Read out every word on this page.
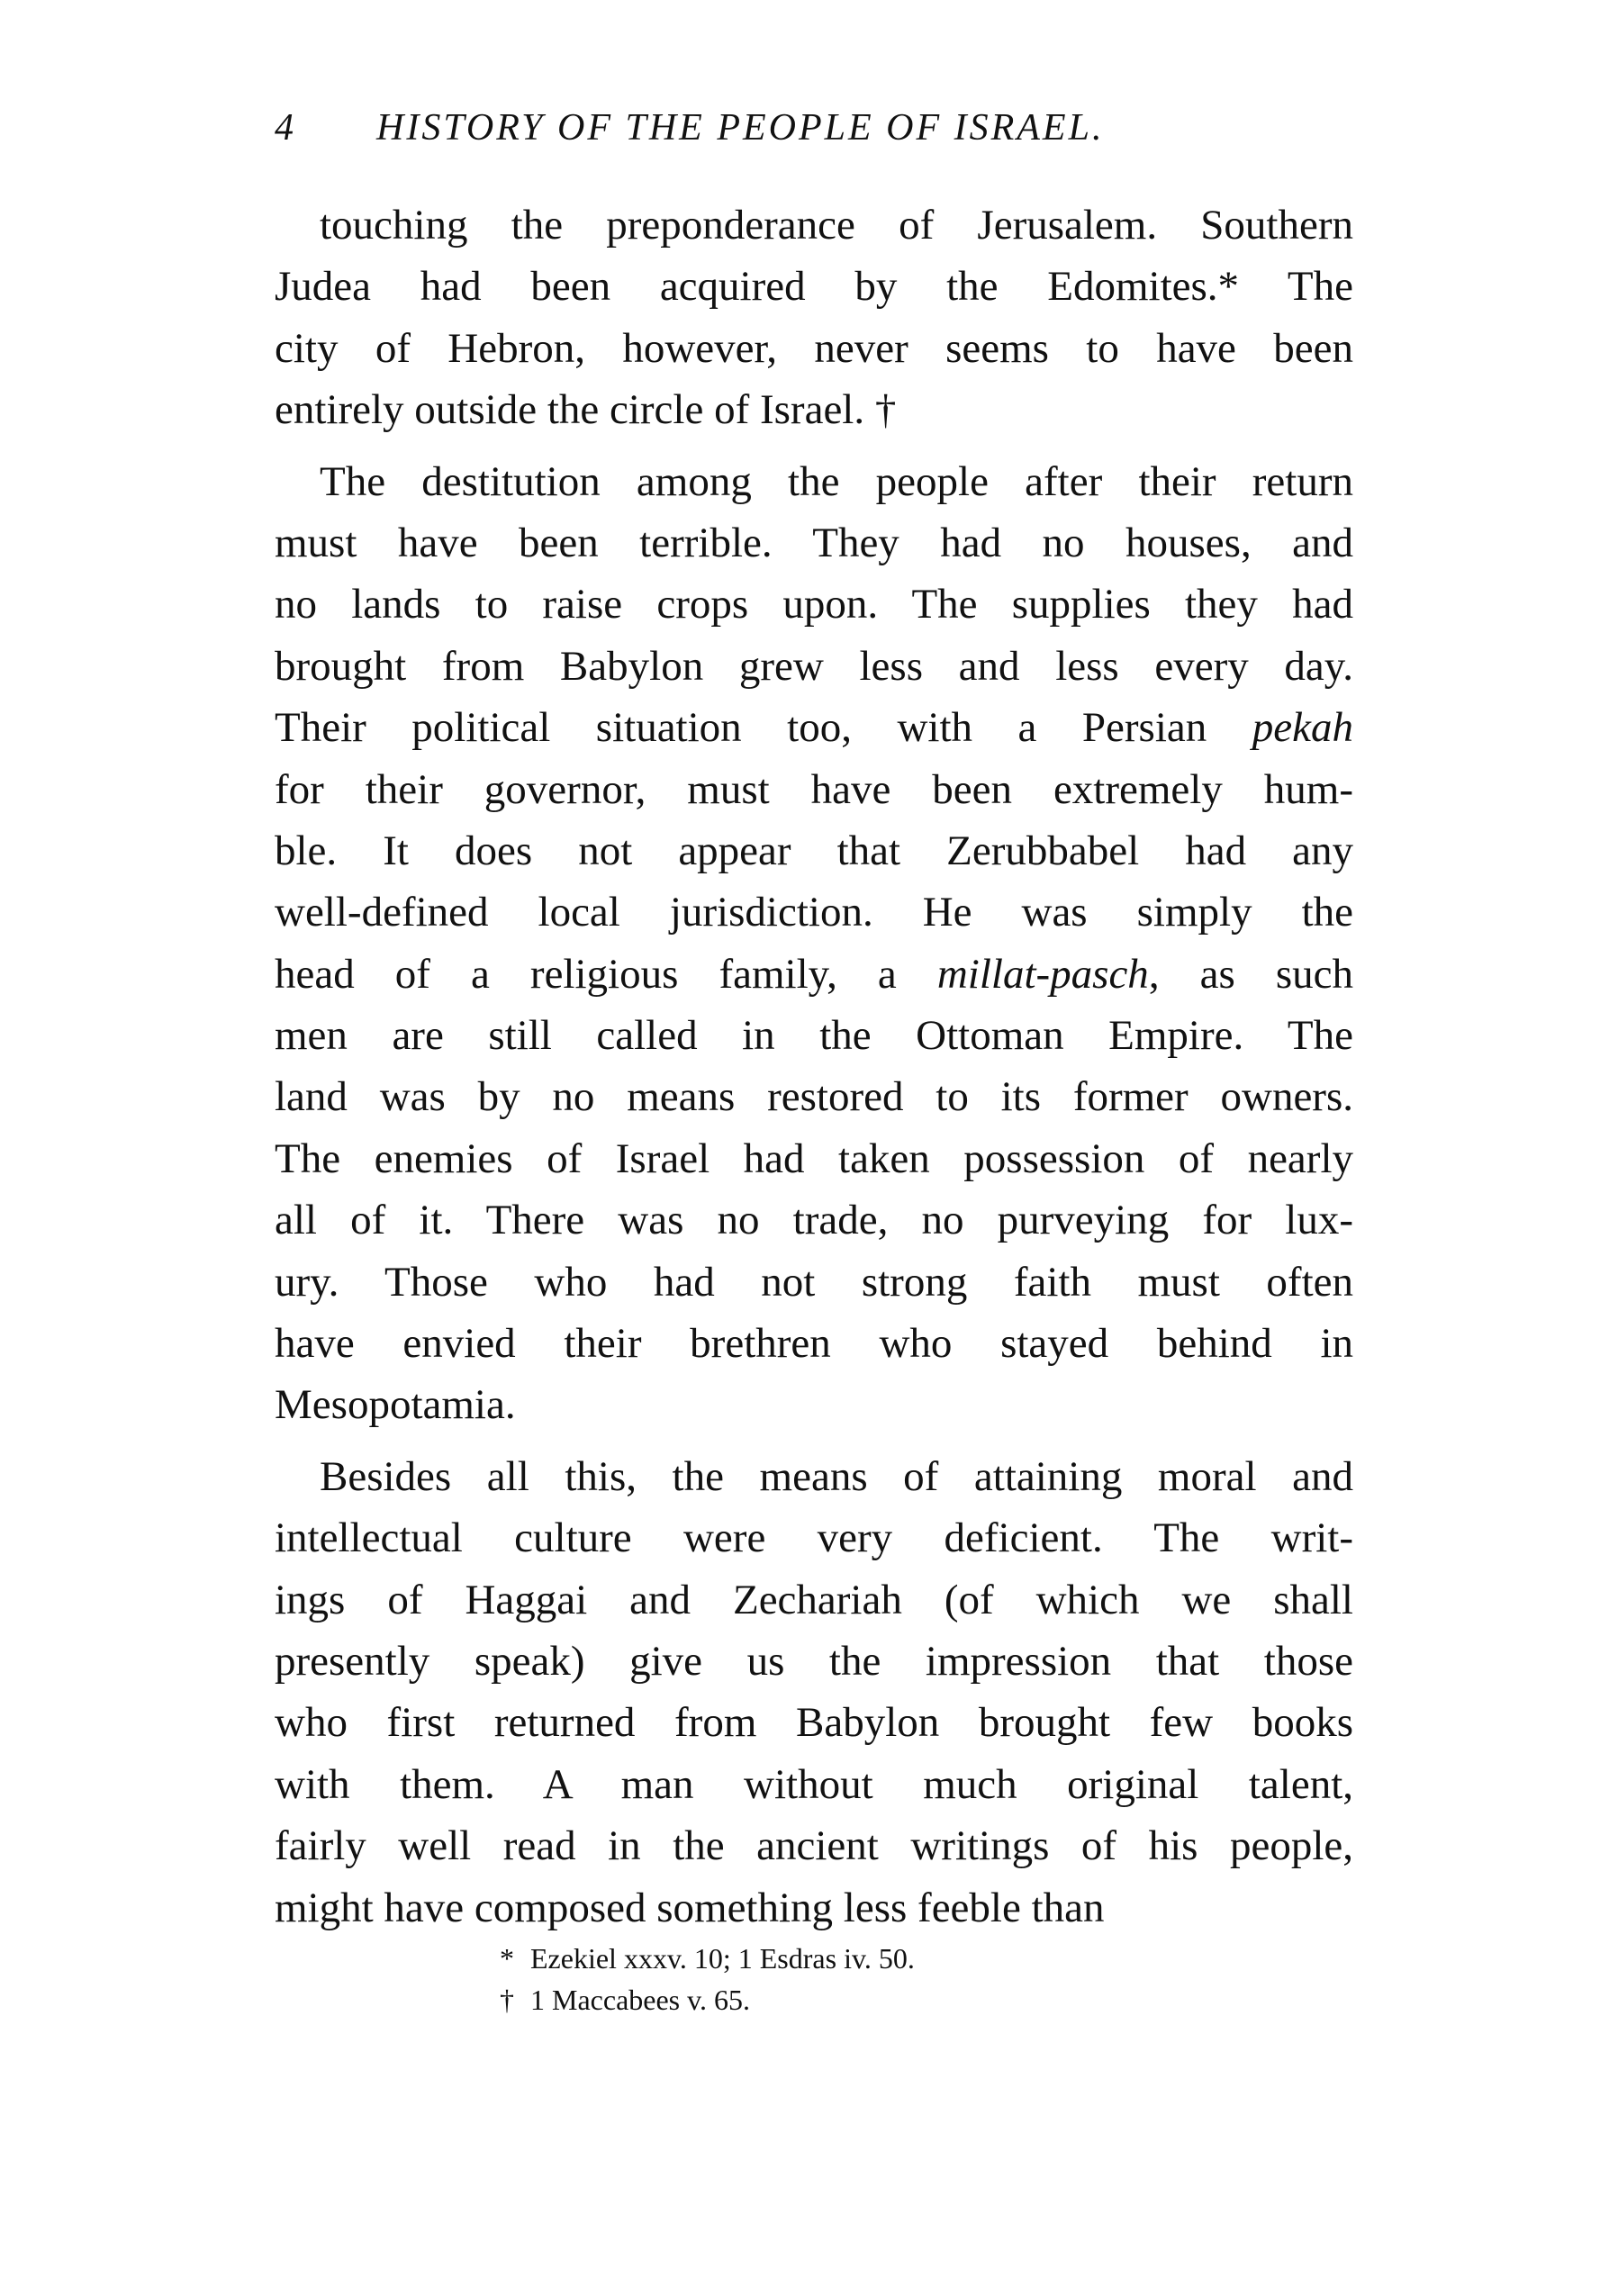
4 HISTORY OF THE PEOPLE OF ISRAEL.
touching the preponderance of Jerusalem. Southern
Judea had been acquired by the Edomites.* The
city of Hebron, however, never seems to have been
entirely outside the circle of Israel. †
The destitution among the people after their return
must have been terrible. They had no houses, and
no lands to raise crops upon. The supplies they had
brought from Babylon grew less and less every day.
Their political situation too, with a Persian pekah
for their governor, must have been extremely hum-
ble. It does not appear that Zerubbabel had any
well-defined local jurisdiction. He was simply the
head of a religious family, a millat-pasch, as such
men are still called in the Ottoman Empire. The
land was by no means restored to its former owners.
The enemies of Israel had taken possession of nearly
all of it. There was no trade, no purveying for lux-
ury. Those who had not strong faith must often
have envied their brethren who stayed behind in
Mesopotamia.
Besides all this, the means of attaining moral and
intellectual culture were very deficient. The writ-
ings of Haggai and Zechariah (of which we shall
presently speak) give us the impression that those
who first returned from Babylon brought few books
with them. A man without much original talent,
fairly well read in the ancient writings of his people,
might have composed something less feeble than
* Ezekiel xxxv. 10; 1 Esdras iv. 50.
† 1 Maccabees v. 65.
